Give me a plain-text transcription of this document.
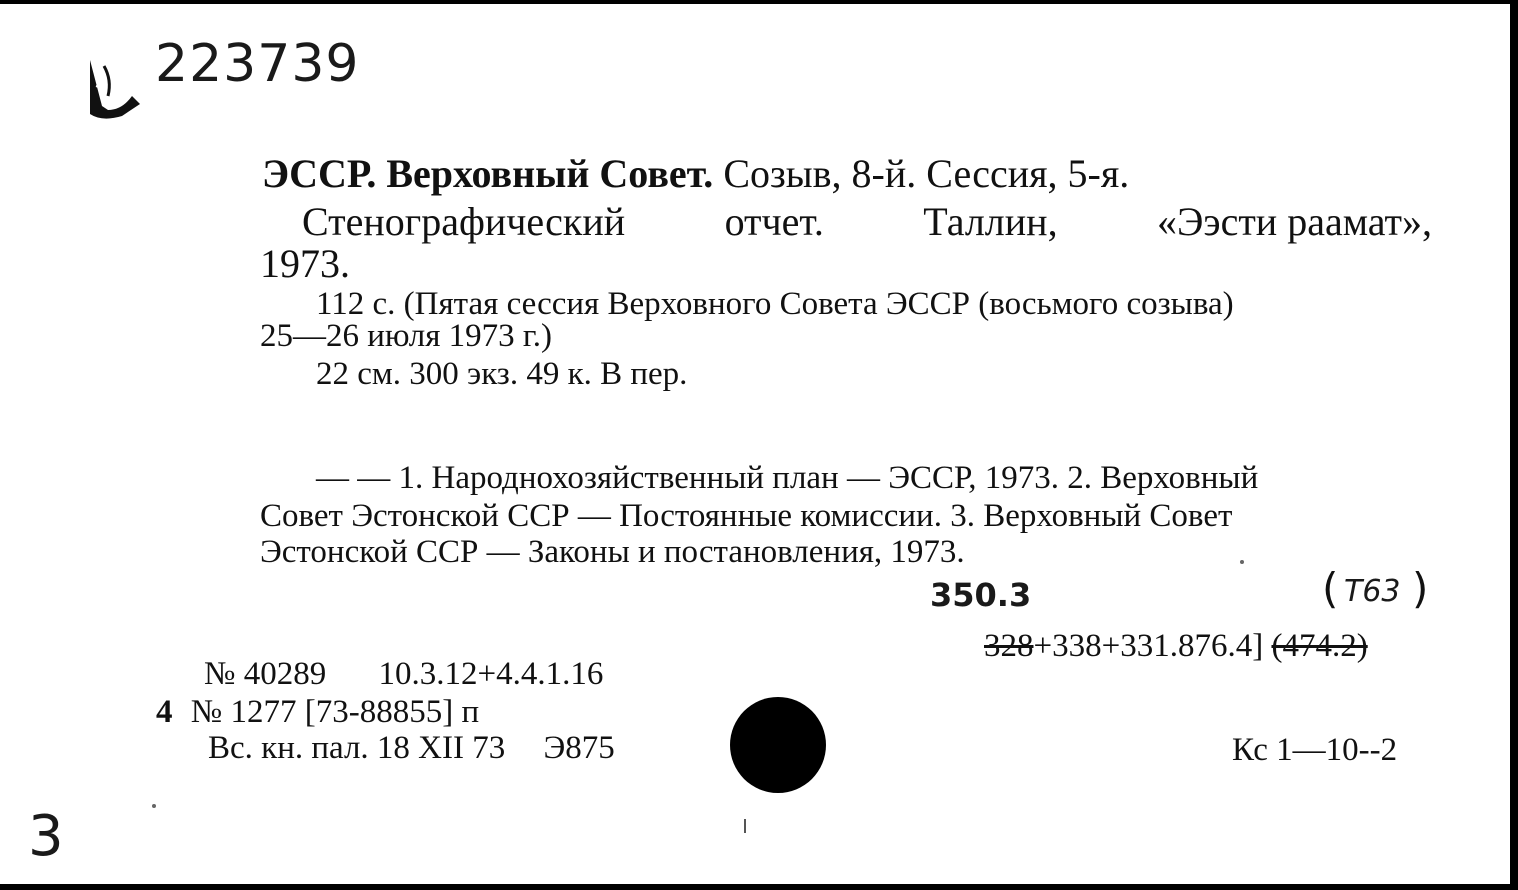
223739
ЭССР. Верховный Совет. Созыв, 8-й. Сессия, 5-я.
Стенографический отчет. Таллин, «Ээсти раамат»,
1973.
112 с. (Пятая сессия Верховного Совета ЭССР (восьмого созыва)
25—26 июля 1973 г.)
22 см. 300 экз. 49 к. В пер.
— — 1. Народнохозяйственный план — ЭССР, 1973. 2. Верховный
Совет Эстонской ССР — Постоянные комиссии. 3. Верховный Совет
Эстонской ССР — Законы и постановления, 1973.
350.3	( Т63 )
328+338+331.876.4] (474.2)
№ 40289 10.3.12+4.4.1.16
4 № 1277 [73-88855] п
Вс. кн. пал. 18 XII 73 Э875	Кс 1—10--2
3
